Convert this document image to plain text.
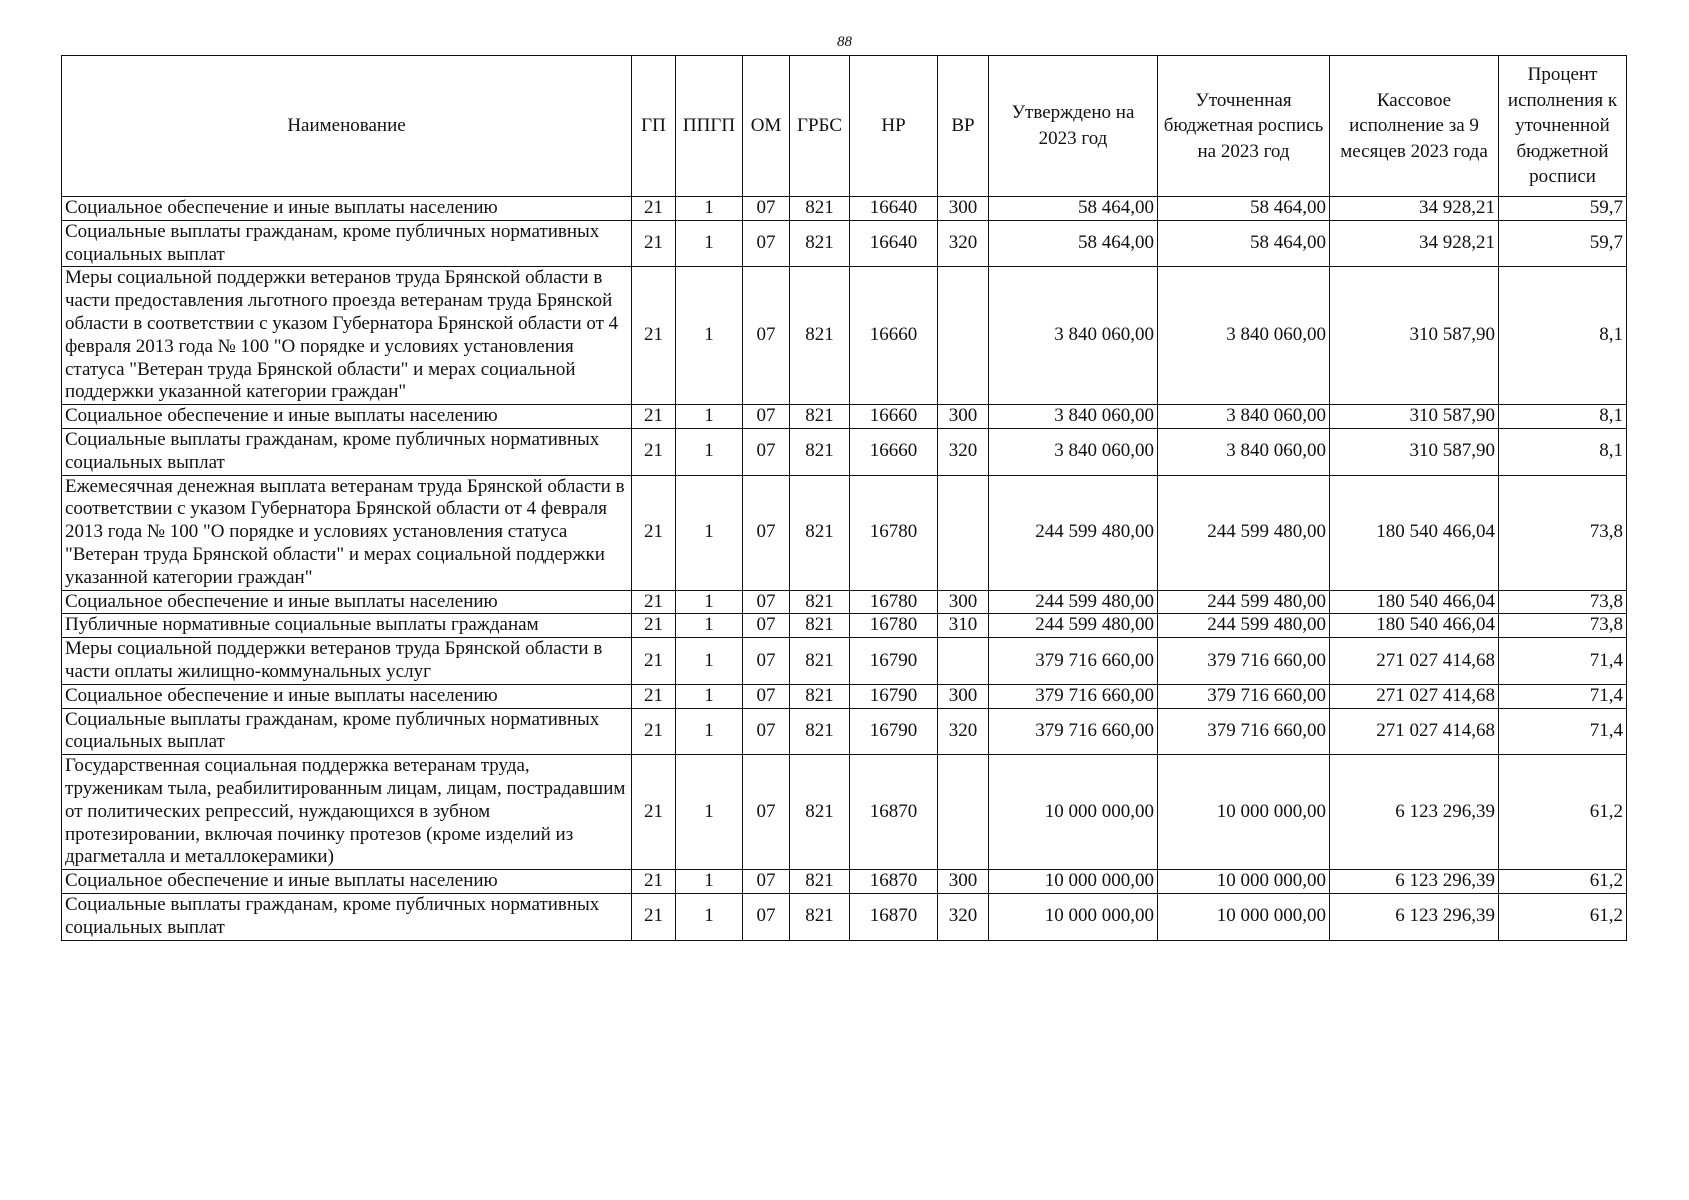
88
Наименование	ГП	ППГП	ОМ	ГРБС	НР	ВР	Утверждено на 2023 год	Уточненная бюджетная роспись на 2023 год	Кассовое исполнение за 9 месяцев 2023 года	Процент исполнения к уточненной бюджетной росписи
Социальное обеспечение и иные выплаты населению	21	1	07	821	16640	300	58 464,00	58 464,00	34 928,21	59,7
Социальные выплаты гражданам, кроме публичных нормативных социальных выплат	21	1	07	821	16640	320	58 464,00	58 464,00	34 928,21	59,7
Меры социальной поддержки ветеранов труда Брянской области в части предоставления льготного проезда ветеранам труда Брянской области в соответствии с указом Губернатора Брянской области от 4 февраля 2013 года № 100 "О порядке и условиях установления статуса "Ветеран труда Брянской области" и мерах социальной поддержки указанной категории граждан"	21	1	07	821	16660		3 840 060,00	3 840 060,00	310 587,90	8,1
Социальное обеспечение и иные выплаты населению	21	1	07	821	16660	300	3 840 060,00	3 840 060,00	310 587,90	8,1
Социальные выплаты гражданам, кроме публичных нормативных социальных выплат	21	1	07	821	16660	320	3 840 060,00	3 840 060,00	310 587,90	8,1
Ежемесячная денежная выплата ветеранам труда Брянской области в соответствии с указом Губернатора Брянской области от 4 февраля 2013 года № 100 "О порядке и условиях установления статуса "Ветеран труда Брянской области" и мерах социальной поддержки указанной категории граждан"	21	1	07	821	16780		244 599 480,00	244 599 480,00	180 540 466,04	73,8
Социальное обеспечение и иные выплаты населению	21	1	07	821	16780	300	244 599 480,00	244 599 480,00	180 540 466,04	73,8
Публичные нормативные социальные выплаты гражданам	21	1	07	821	16780	310	244 599 480,00	244 599 480,00	180 540 466,04	73,8
Меры социальной поддержки ветеранов труда Брянской области в части оплаты жилищно-коммунальных услуг	21	1	07	821	16790		379 716 660,00	379 716 660,00	271 027 414,68	71,4
Социальное обеспечение и иные выплаты населению	21	1	07	821	16790	300	379 716 660,00	379 716 660,00	271 027 414,68	71,4
Социальные выплаты гражданам, кроме публичных нормативных социальных выплат	21	1	07	821	16790	320	379 716 660,00	379 716 660,00	271 027 414,68	71,4
Государственная социальная поддержка ветеранам труда, труженикам тыла, реабилитированным лицам, лицам, пострадавшим от политических репрессий, нуждающихся в зубном протезировании, включая починку протезов (кроме изделий из драгметалла и металлокерамики)	21	1	07	821	16870		10 000 000,00	10 000 000,00	6 123 296,39	61,2
Социальное обеспечение и иные выплаты населению	21	1	07	821	16870	300	10 000 000,00	10 000 000,00	6 123 296,39	61,2
Социальные выплаты гражданам, кроме публичных нормативных социальных выплат	21	1	07	821	16870	320	10 000 000,00	10 000 000,00	6 123 296,39	61,2
